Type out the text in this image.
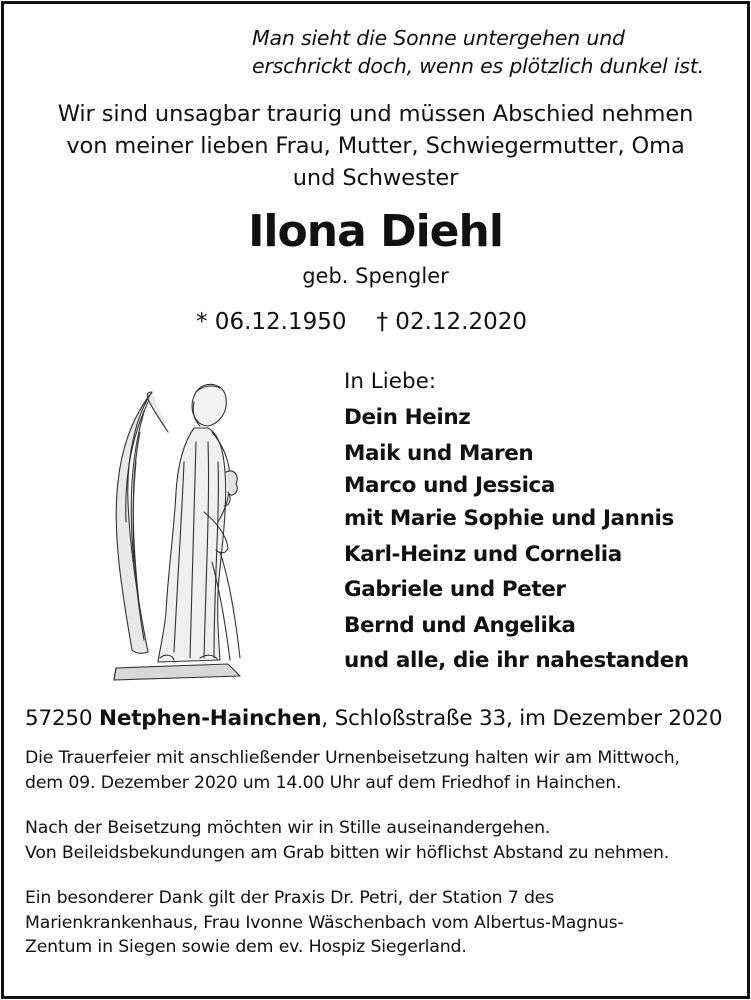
Man sieht die Sonne untergehen und
erschrickt doch, wenn es plötzlich dunkel ist.
Wir sind unsagbar traurig und müssen Abschied nehmen
von meiner lieben Frau, Mutter, Schwiegermutter, Oma
und Schwester
Ilona Diehl
geb. Spengler
* 06.12.1950 † 02.12.2020
In Liebe:
Dein Heinz
Maik und Maren
Marco und Jessica
mit Marie Sophie und Jannis
Karl-Heinz und Cornelia
Gabriele und Peter
Bernd und Angelika
und alle, die ihr nahestanden
57250 Netphen-Hainchen, Schloßstraße 33, im Dezember 2020
Die Trauerfeier mit anschließender Urnenbeisetzung halten wir am Mittwoch,
dem 09. Dezember 2020 um 14.00 Uhr auf dem Friedhof in Hainchen.
Nach der Beisetzung möchten wir in Stille auseinandergehen.
Von Beileidsbekundungen am Grab bitten wir höflichst Abstand zu nehmen.
Ein besonderer Dank gilt der Praxis Dr. Petri, der Station 7 des
Marienkrankenhaus, Frau Ivonne Wäschenbach vom Albertus-Magnus-
Zentum in Siegen sowie dem ev. Hospiz Siegerland.
